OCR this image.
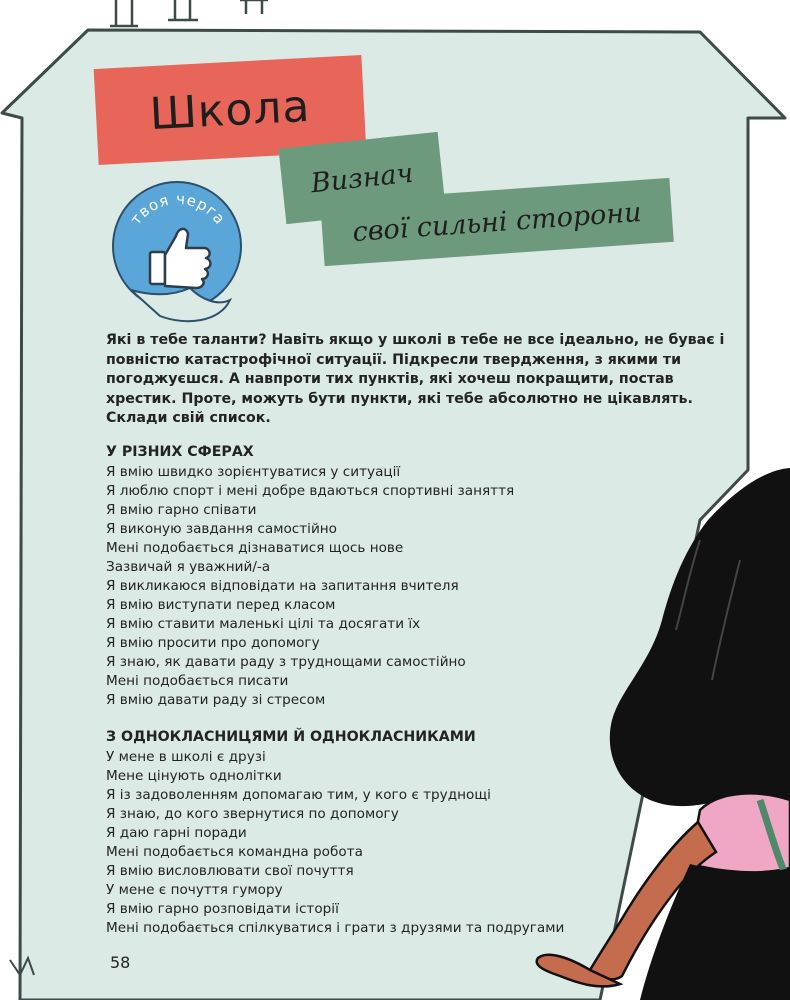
твоя черга
Школа
Визнач
свої сильні сторони
Які в тебе таланти? Навіть якщо у школі в тебе не все ідеально, не буває і повністю катастрофічної ситуації. Підкресли твердження, з якими ти погоджуєшся. А навпроти тих пунктів, які хочеш покращити, постав хрестик. Проте, можуть бути пункти, які тебе абсолютно не цікавлять. Склади свій список.
У РІЗНИХ СФЕРАХ
Я вмію швидко зорієнтуватися у ситуації
Я люблю спорт і мені добре вдаються спортивні заняття
Я вмію гарно співати
Я виконую завдання самостійно
Мені подобається дізнаватися щось нове
Зазвичай я уважний/-а
Я викликаюся відповідати на запитання вчителя
Я вмію виступати перед класом
Я вмію ставити маленькі цілі та досягати їх
Я вмію просити про допомогу
Я знаю, як давати раду з труднощами самостійно
Мені подобається писати
Я вмію давати раду зі стресом
З ОДНОКЛАСНИЦЯМИ Й ОДНОКЛАСНИКАМИ
У мене в школі є друзі
Мене цінують однолітки
Я із задоволенням допомагаю тим, у кого є труднощі
Я знаю, до кого звернутися по допомогу
Я даю гарні поради
Мені подобається командна робота
Я вмію висловлювати свої почуття
У мене є почуття гумору
Я вмію гарно розповідати історії
Мені подобається спілкуватися і грати з друзями та подругами
58
